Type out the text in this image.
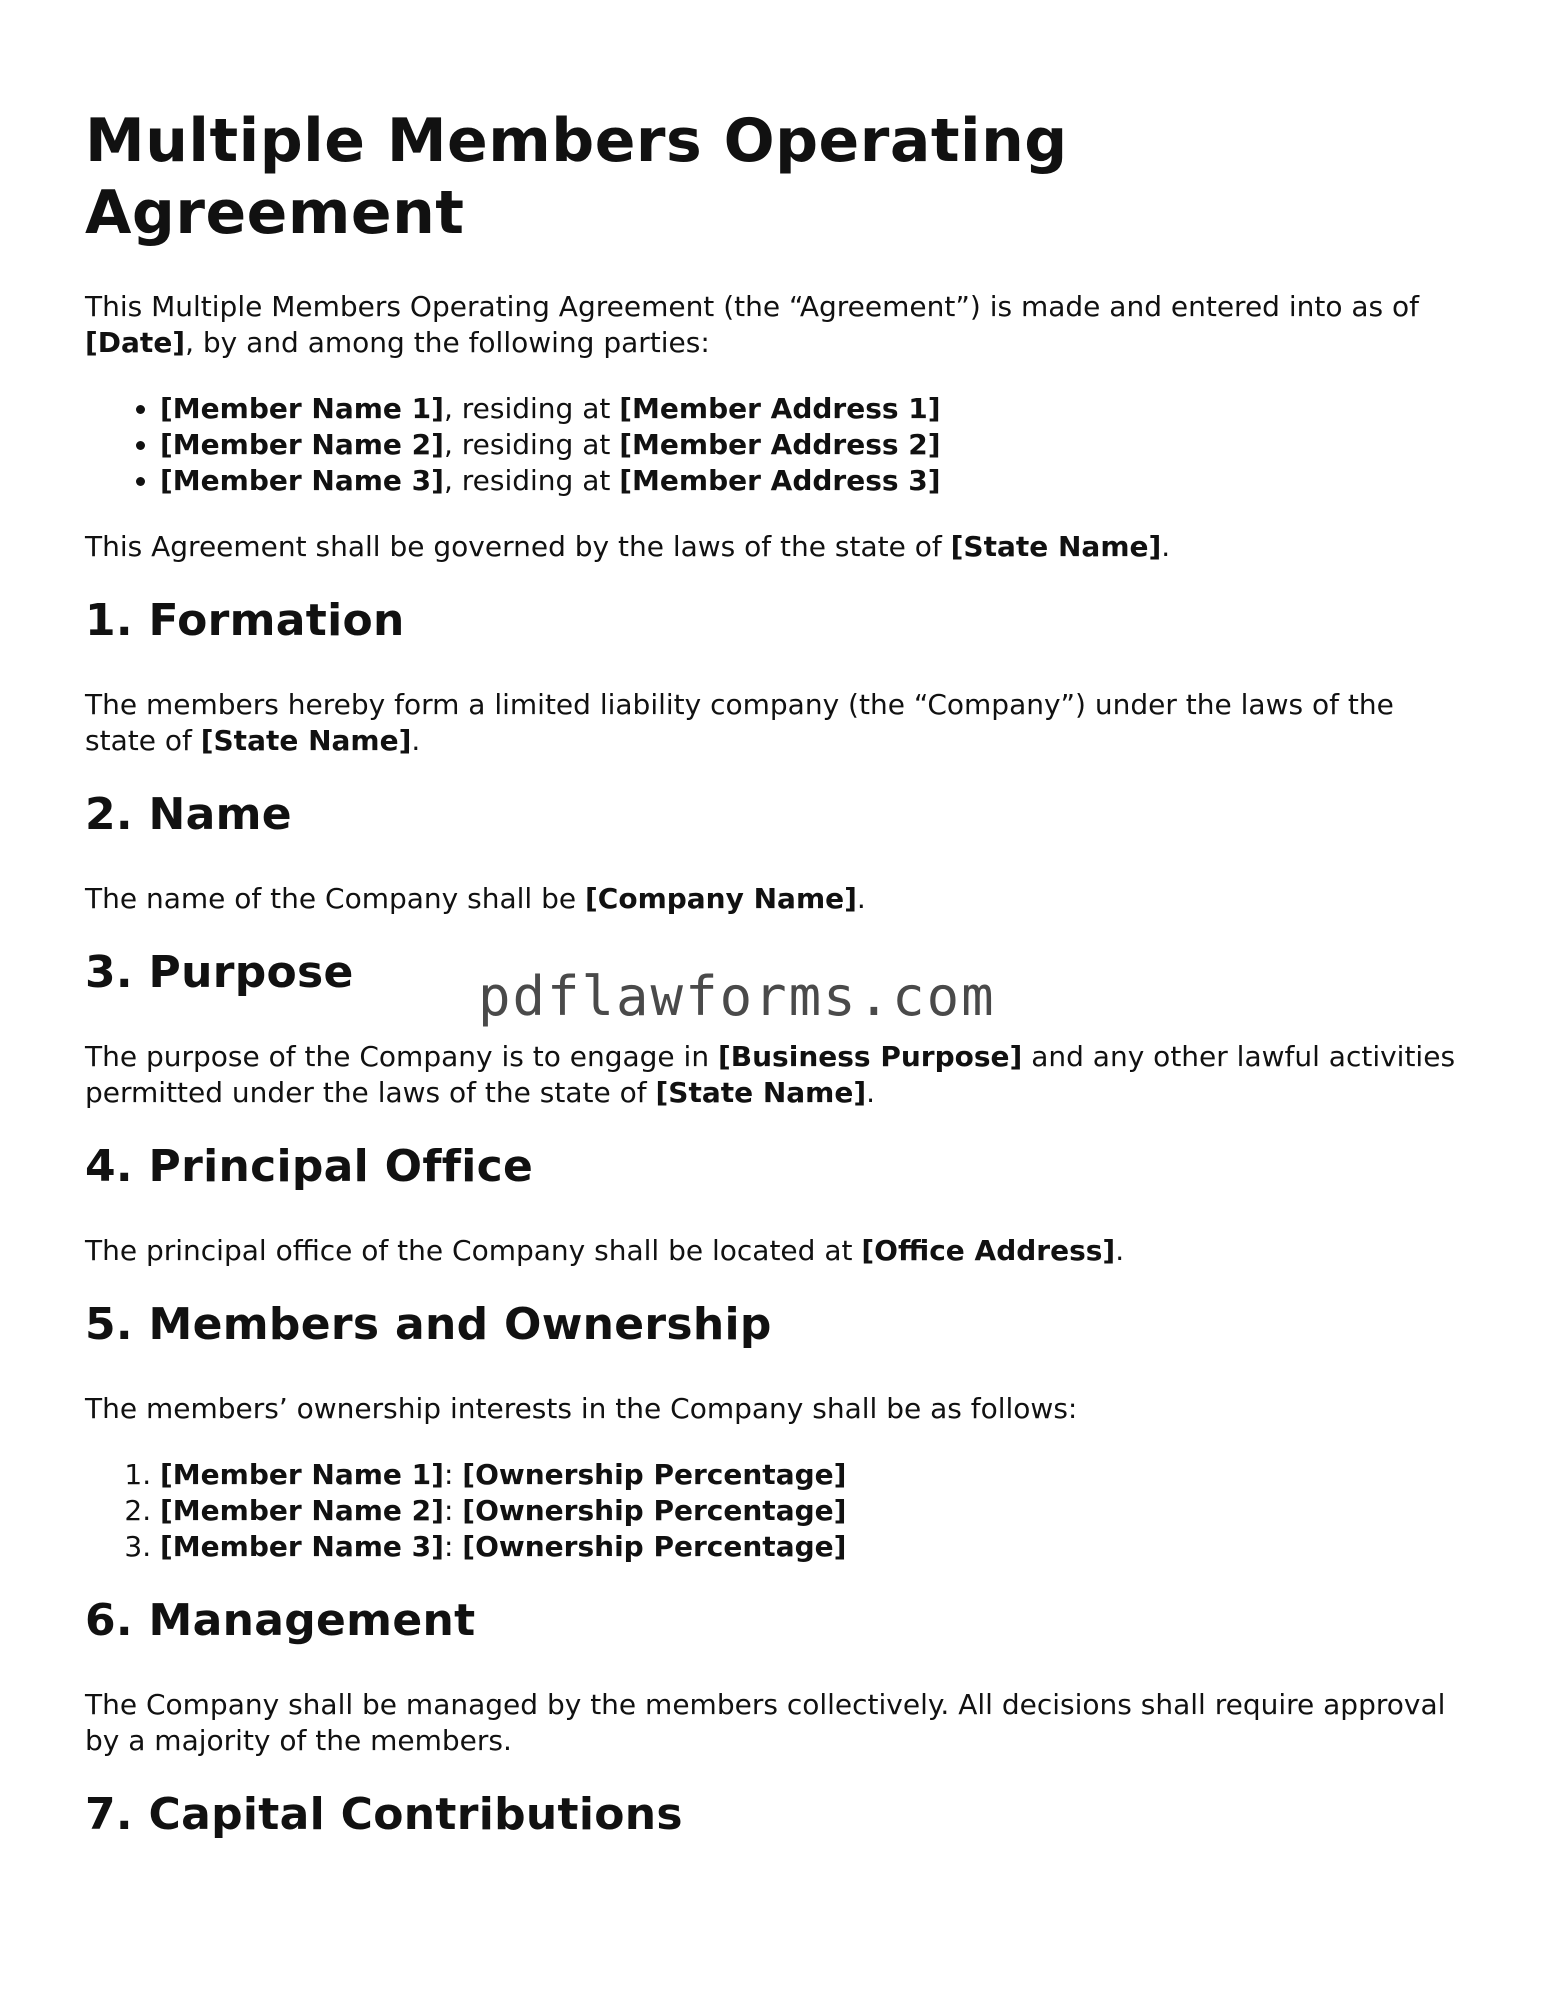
Multiple Members Operating Agreement

This Multiple Members Operating Agreement (the “Agreement”) is made and entered into as of [Date], by and among the following parties:

• [Member Name 1], residing at [Member Address 1]
• [Member Name 2], residing at [Member Address 2]
• [Member Name 3], residing at [Member Address 3]

This Agreement shall be governed by the laws of the state of [State Name].

1. Formation

The members hereby form a limited liability company (the “Company”) under the laws of the state of [State Name].

2. Name

The name of the Company shall be [Company Name].

3. Purpose

The purpose of the Company is to engage in [Business Purpose] and any other lawful activities permitted under the laws of the state of [State Name].

4. Principal Office

The principal office of the Company shall be located at [Office Address].

5. Members and Ownership

The members’ ownership interests in the Company shall be as follows:

1. [Member Name 1]: [Ownership Percentage]
2. [Member Name 2]: [Ownership Percentage]
3. [Member Name 3]: [Ownership Percentage]
6. Management

The Company shall be managed by the members collectively. All decisions shall require approval by a majority of the members.

7. Capital Contributions
pdflawforms.com
